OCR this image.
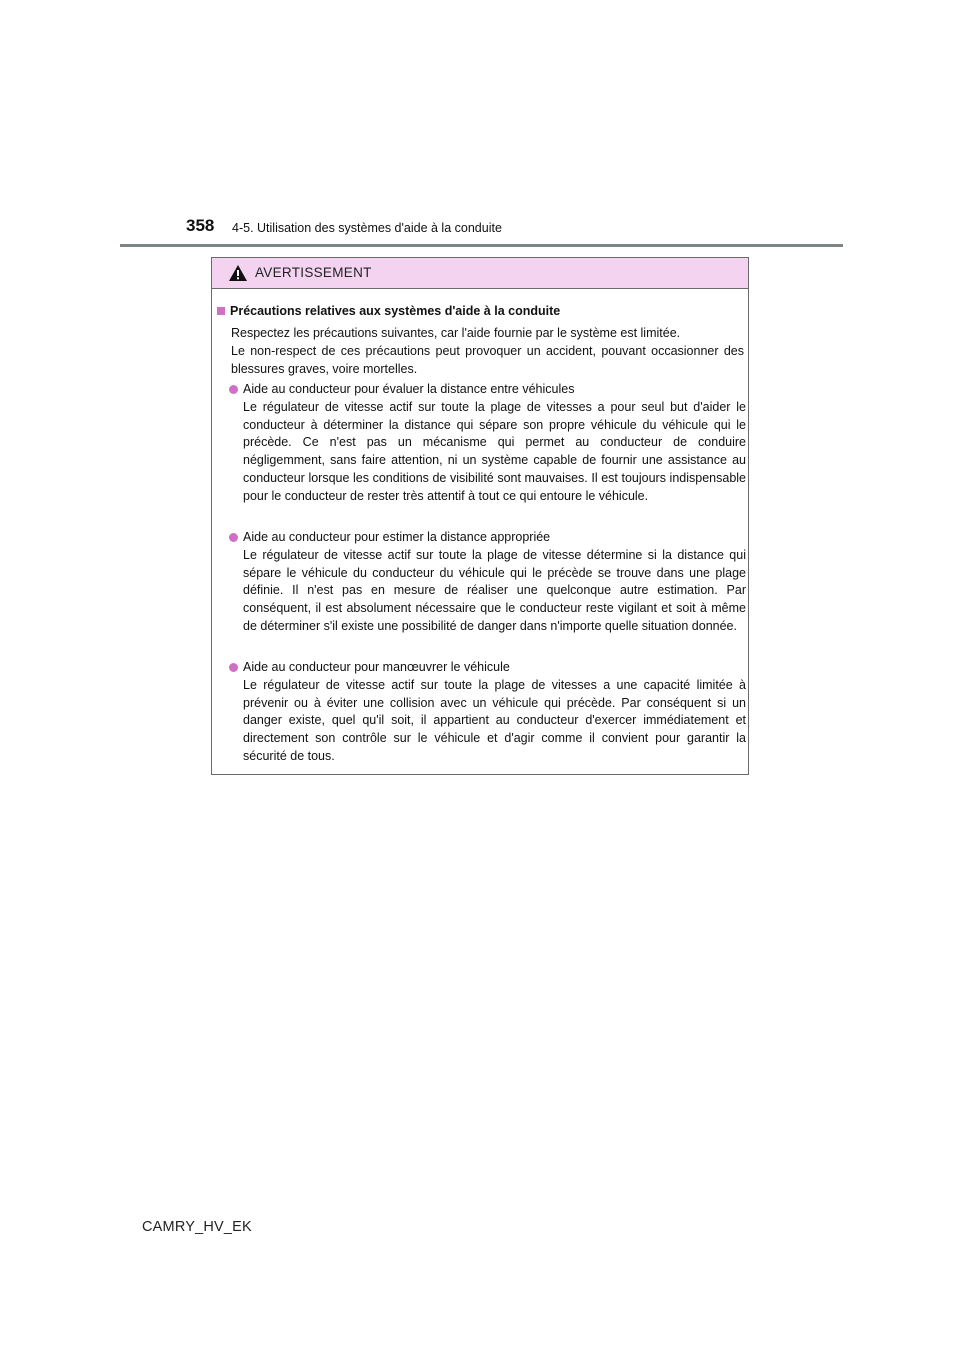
358 4-5. Utilisation des systèmes d'aide à la conduite
AVERTISSEMENT
Précautions relatives aux systèmes d'aide à la conduite

Respectez les précautions suivantes, car l'aide fournie par le système est limitée.

Le non-respect de ces précautions peut provoquer un accident, pouvant occasionner des blessures graves, voire mortelles.

Aide au conducteur pour évaluer la distance entre véhicules
Le régulateur de vitesse actif sur toute la plage de vitesses a pour seul but d'aider le conducteur à déterminer la distance qui sépare son propre véhicule du véhicule qui le précède. Ce n'est pas un mécanisme qui permet au conducteur de conduire négligemment, sans faire attention, ni un système capable de fournir une assistance au conducteur lorsque les conditions de visibilité sont mauvaises. Il est toujours indispensable pour le conducteur de rester très attentif à tout ce qui entoure le véhicule.
Aide au conducteur pour estimer la distance appropriée
Le régulateur de vitesse actif sur toute la plage de vitesse détermine si la distance qui sépare le véhicule du conducteur du véhicule qui le précède se trouve dans une plage définie. Il n'est pas en mesure de réaliser une quelconque autre estimation. Par conséquent, il est absolument nécessaire que le conducteur reste vigilant et soit à même de déterminer s'il existe une possibilité de danger dans n'importe quelle situation donnée.
Aide au conducteur pour manœuvrer le véhicule
Le régulateur de vitesse actif sur toute la plage de vitesses a une capacité limitée à prévenir ou à éviter une collision avec un véhicule qui précède. Par conséquent si un danger existe, quel qu'il soit, il appartient au conducteur d'exercer immédiatement et directement son contrôle sur le véhicule et d'agir comme il convient pour garantir la sécurité de tous.
CAMRY_HV_EK
